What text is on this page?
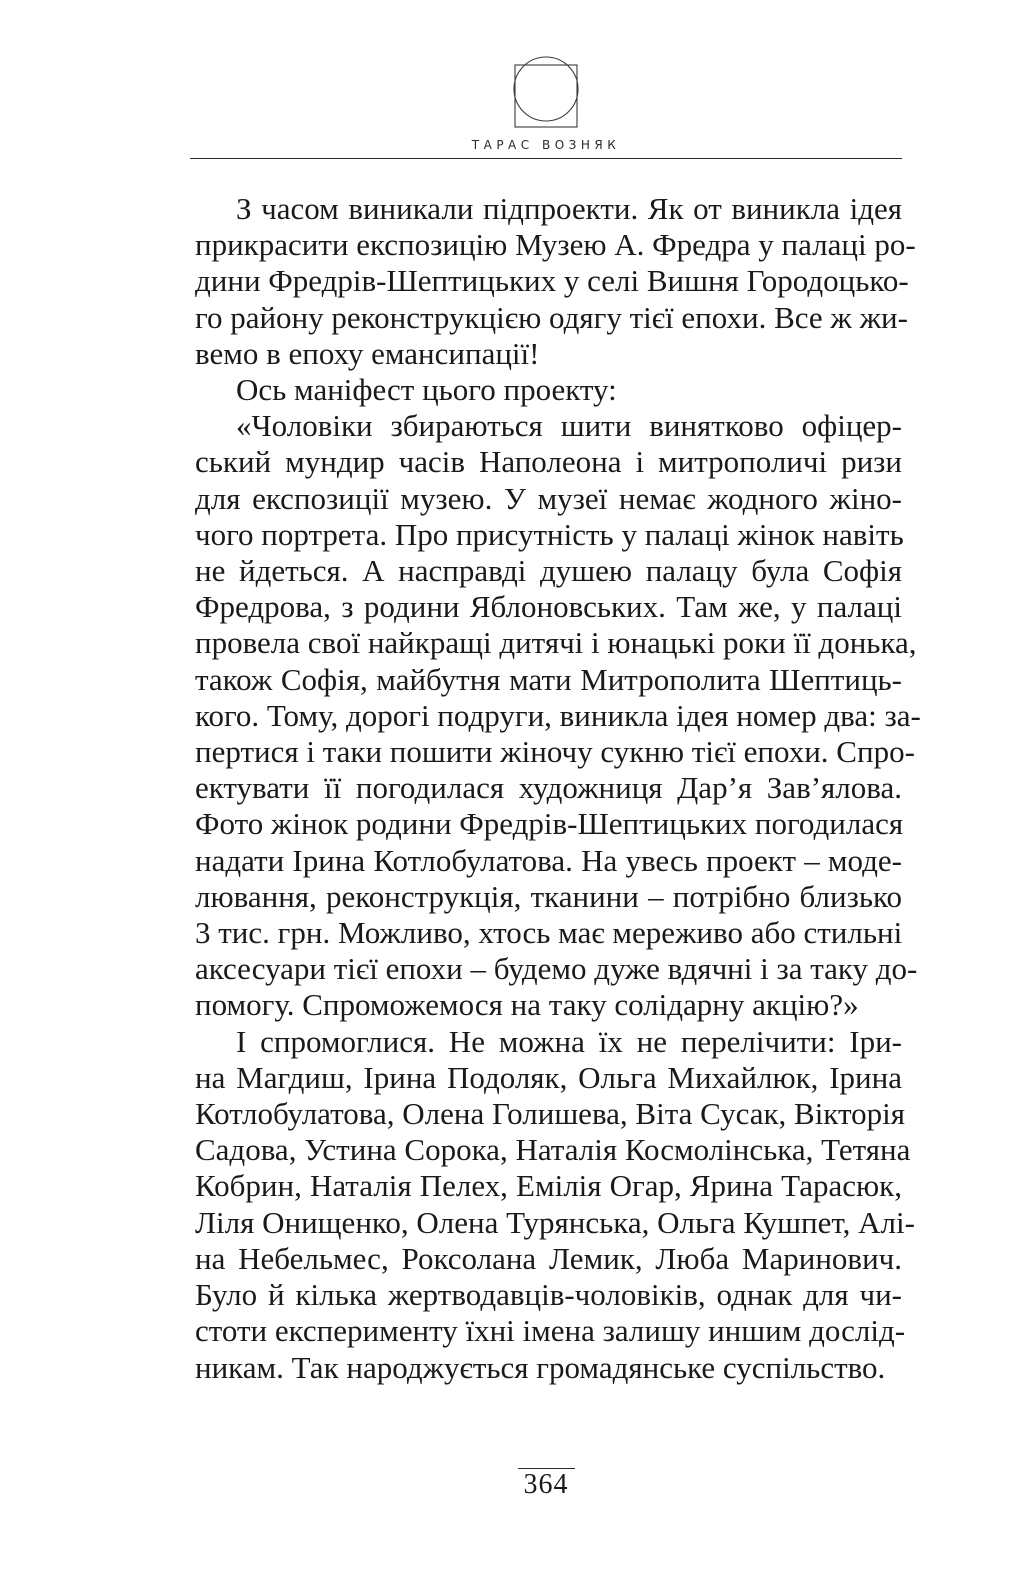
ТАРАС ВОЗНЯК
З часом виникали підпроекти. Як от виникла ідея
прикрасити експозицію Музею А. Фредра у палаці ро-
дини Фредрів-Шептицьких у селі Вишня Городоцько-
го району реконструкцією одягу тієї епохи. Все ж жи-
вемо в епоху емансипації!
Ось маніфест цього проекту:
«Чоловіки збираються шити винятково офіцер-
ський мундир часів Наполеона і митрополичі ризи
для експозиції музею. У музеї немає жодного жіно-
чого портрета. Про присутність у палаці жінок навіть
не йдеться. А насправді душею палацу була Софія
Фредрова, з родини Яблоновських. Там же, у палаці
провела свої найкращі дитячі і юнацькі роки її донька,
також Софія, майбутня мати Митрополита Шептиць-
кого. Тому, дорогі подруги, виникла ідея номер два: за-
пертися і таки пошити жіночу сукню тієї епохи. Спро-
ектувати її погодилася художниця Дар’я Зав’ялова.
Фото жінок родини Фредрів-Шептицьких погодилася
надати Ірина Котлобулатова. На увесь проект – моде-
лювання, реконструкція, тканини – потрібно близько
3 тис. грн. Можливо, хтось має мереживо або стильні
аксесуари тієї епохи – будемо дуже вдячні і за таку до-
помогу. Спроможемося на таку солідарну акцію?»
І спромоглися. Не можна їх не перелічити: Іри-
на Магдиш, Ірина Подоляк, Ольга Михайлюк, Ірина
Котлобулатова, Олена Голишева, Віта Сусак, Вікторія
Садова, Устина Сорока, Наталія Космолінська, Тетяна
Кобрин, Наталія Пелех, Емілія Огар, Ярина Тарасюк,
Ліля Онищенко, Олена Турянська, Ольга Кушпет, Алі-
на Небельмес, Роксолана Лемик, Люба Маринович.
Було й кілька жертводавців-чоловіків, однак для чи-
стоти експерименту їхні імена залишу иншим дослід-
никам. Так народжується громадянське суспільство.
364
